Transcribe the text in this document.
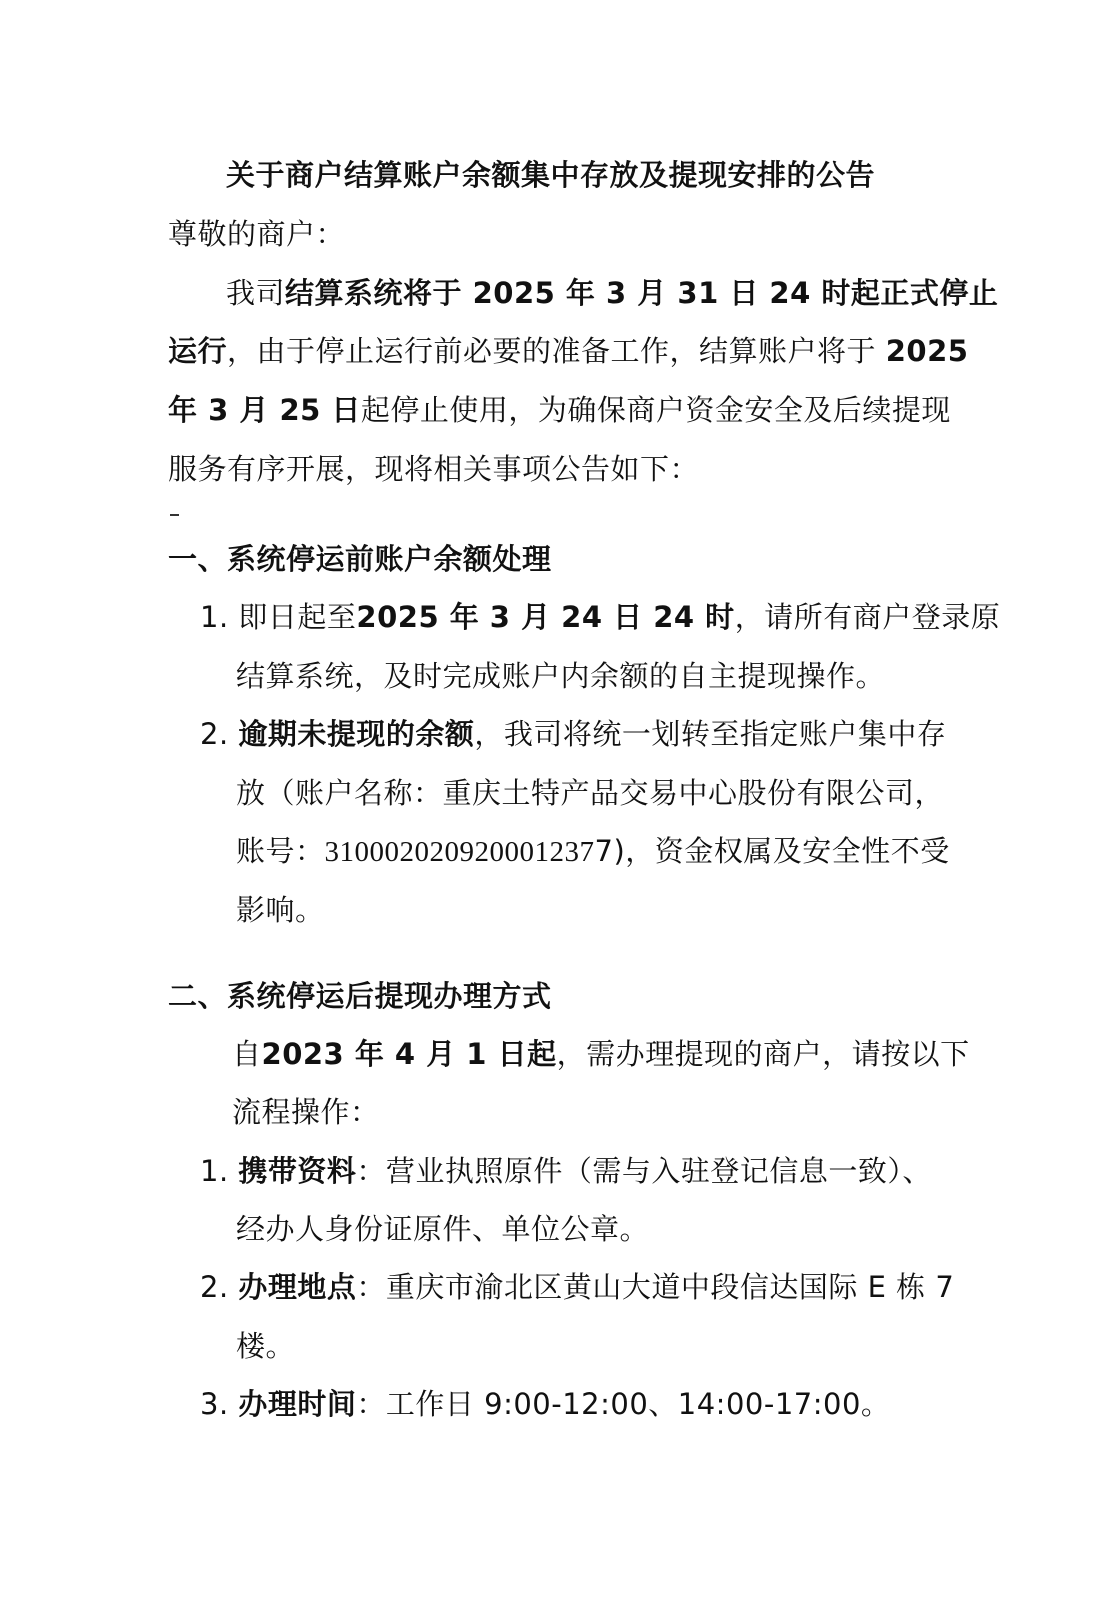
关于商户结算账户余额集中存放及提现安排的公告
尊敬的商户：
我司结算系统将于 2025 年 3 月 31 日 24 时起正式停止
运行，由于停止运行前必要的准备工作，结算账户将于 2025
年 3 月 25 日起停止使用，为确保商户资金安全及后续提现
服务有序开展，现将相关事项公告如下：
一、系统停运前账户余额处理
1. 即日起至2025 年 3 月 24 日 24 时，请所有商户登录原
结算系统，及时完成账户内余额的自主提现操作。
2. 逾期未提现的余额，我司将统一划转至指定账户集中存
放（账户名称：重庆土特产品交易中心股份有限公司，
账号：3100020209200012377)，资金权属及安全性不受
影响。
二、系统停运后提现办理方式
自2023 年 4 月 1 日起，需办理提现的商户，请按以下
流程操作：
1. 携带资料：营业执照原件（需与入驻登记信息一致）、
经办人身份证原件、单位公章。
2. 办理地点：重庆市渝北区黄山大道中段信达国际 E 栋 7
楼。
3. 办理时间：工作日 9:00-12:00、14:00-17:00。
